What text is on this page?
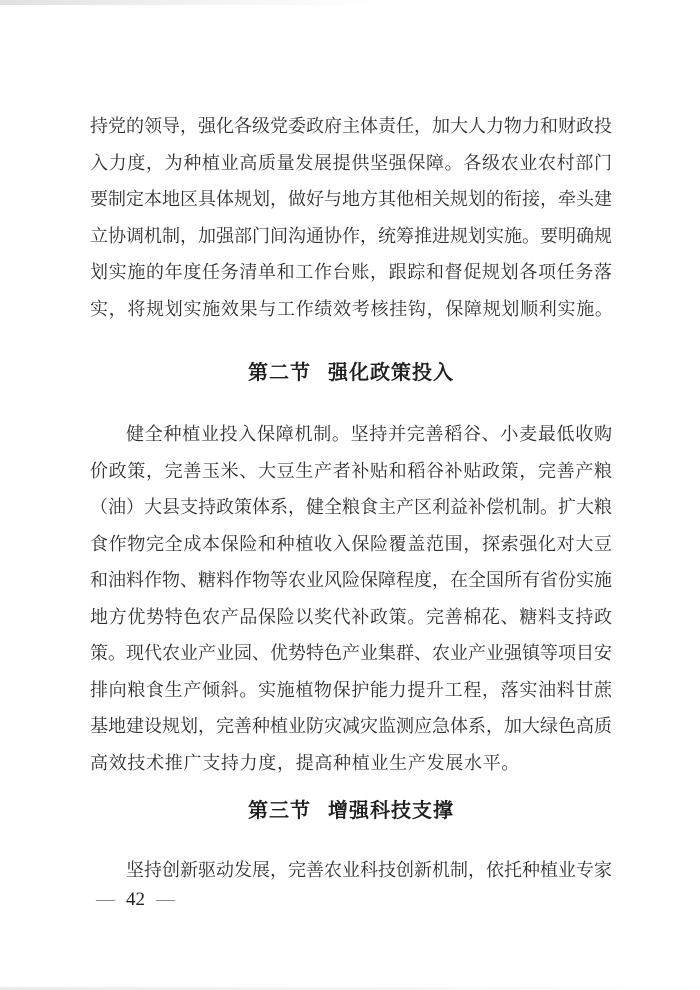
持党的领导，强化各级党委政府主体责任，加大人力物力和财政投
入力度，为种植业高质量发展提供坚强保障。各级农业农村部门
要制定本地区具体规划，做好与地方其他相关规划的衔接，牵头建
立协调机制，加强部门间沟通协作，统筹推进规划实施。要明确规
划实施的年度任务清单和工作台账，跟踪和督促规划各项任务落
实，将规划实施效果与工作绩效考核挂钩，保障规划顺利实施。
第二节 强化政策投入
健全种植业投入保障机制。坚持并完善稻谷、小麦最低收购
价政策，完善玉米、大豆生产者补贴和稻谷补贴政策，完善产粮
（油）大县支持政策体系，健全粮食主产区利益补偿机制。扩大粮
食作物完全成本保险和种植收入保险覆盖范围，探索强化对大豆
和油料作物、糖料作物等农业风险保障程度，在全国所有省份实施
地方优势特色农产品保险以奖代补政策。完善棉花、糖料支持政
策。现代农业产业园、优势特色产业集群、农业产业强镇等项目安
排向粮食生产倾斜。实施植物保护能力提升工程，落实油料甘蔗
基地建设规划，完善种植业防灾减灾监测应急体系，加大绿色高质
高效技术推广支持力度，提高种植业生产发展水平。
第三节 增强科技支撑
坚持创新驱动发展，完善农业科技创新机制，依托种植业专家
— 42 —
